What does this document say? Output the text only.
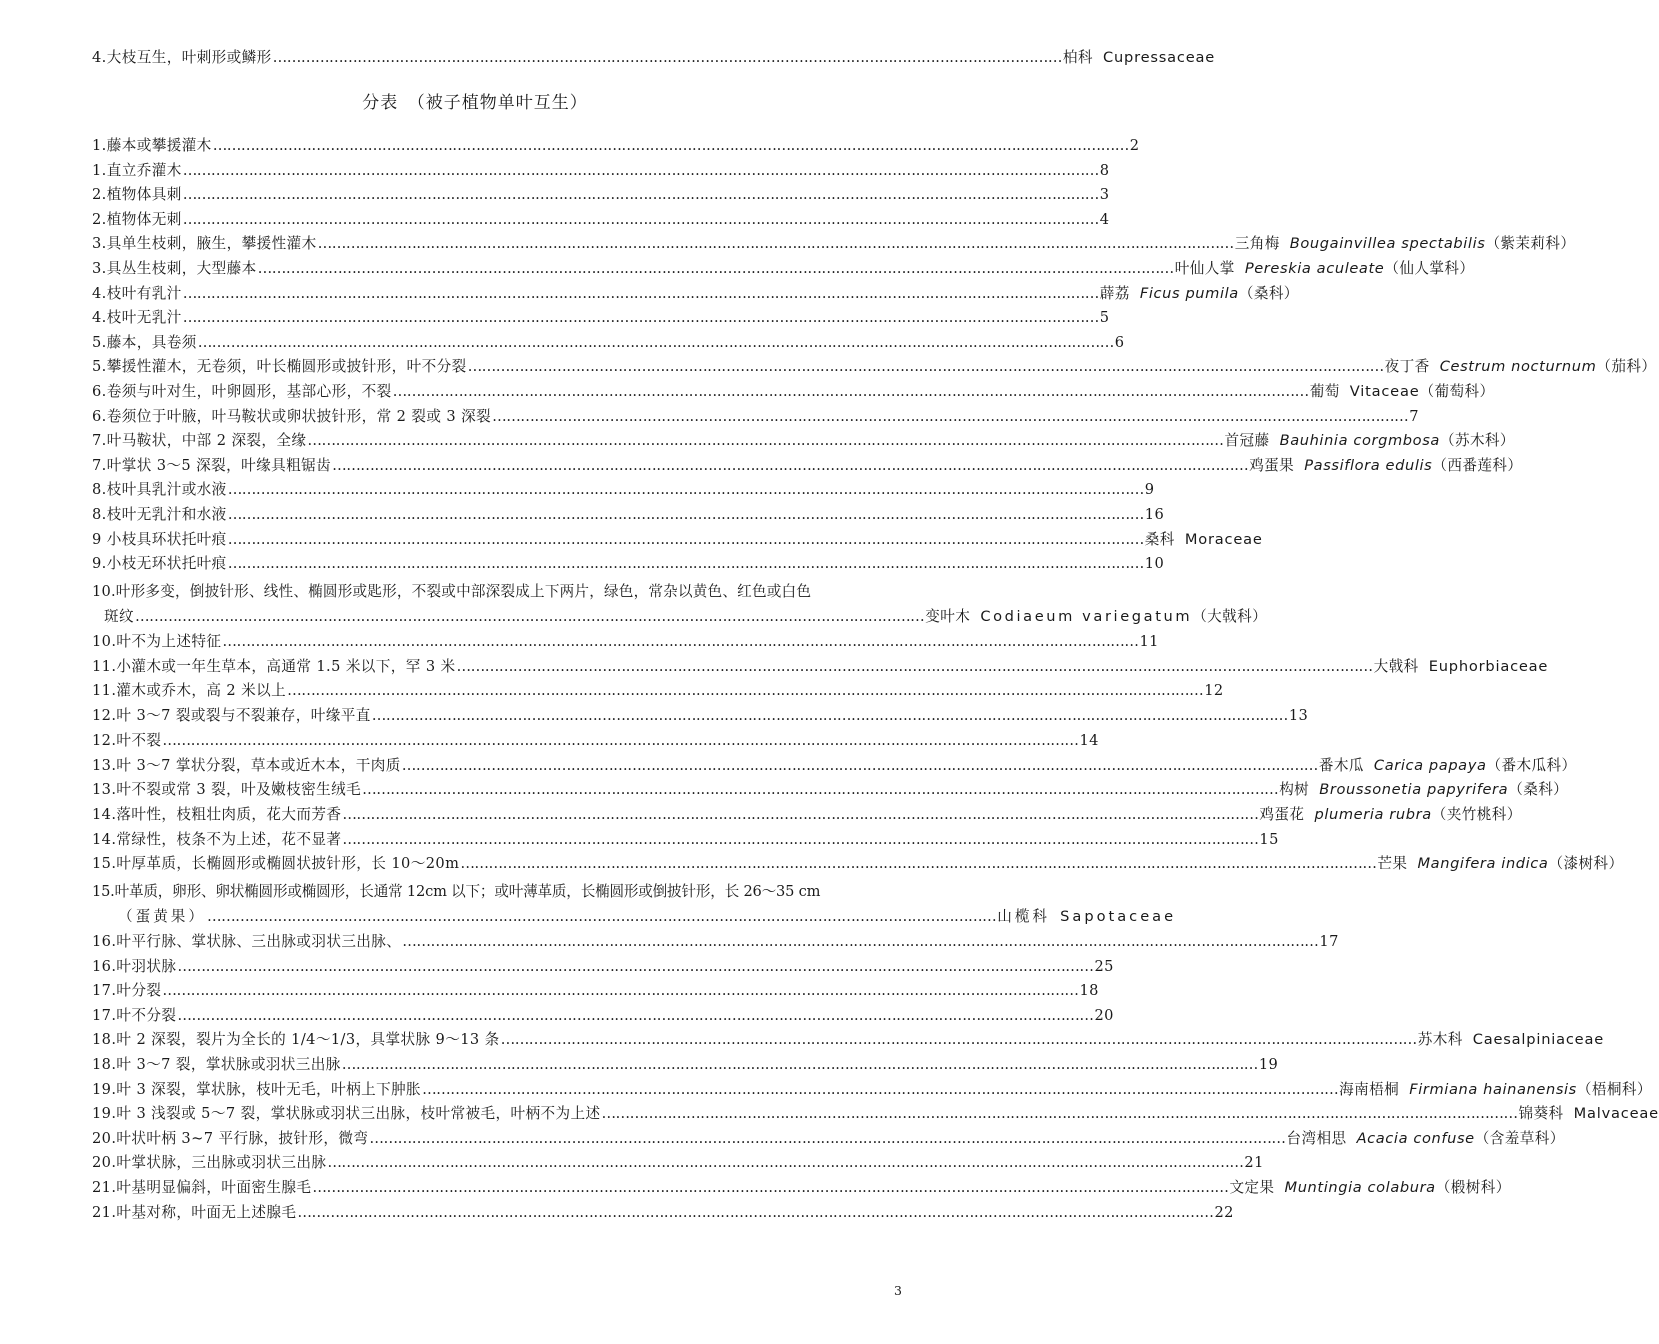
4.大枝互生，叶刺形或鳞形 …………………………………………………………………………………………………………………………………………………… 柏科 Cupressaceae
分表　（被子植物单叶互生）
1.藤本或攀援灌木 …………………………………………………………………………………………………………………………………………………………………………… 2
1.直立乔灌木 …………………………………………………………………………………………………………………………………………………………………………… 8
2.植物体具刺 …………………………………………………………………………………………………………………………………………………………………………… 3
2.植物体无刺 …………………………………………………………………………………………………………………………………………………………………………… 4
3.具单生枝刺，腋生，攀援性灌木 …………………………………………………………………………………………………………………………………………………………………………… 三角梅 Bougainvillea spectabilis（紫茉莉科）
3.具丛生枝刺，大型藤本 …………………………………………………………………………………………………………………………………………………………………………… 叶仙人掌 Pereskia aculeate（仙人掌科）
4.枝叶有乳汁 …………………………………………………………………………………………………………………………………………………………………………… 薜荔 Ficus pumila（桑科）
4.枝叶无乳汁 …………………………………………………………………………………………………………………………………………………………………………… 5
5.藤本，具卷须 …………………………………………………………………………………………………………………………………………………………………………… 6
5.攀援性灌木，无卷须，叶长椭圆形或披针形，叶不分裂 …………………………………………………………………………………………………………………………………………………………………………… 夜丁香 Cestrum nocturnum（茄科）
6.卷须与叶对生，叶卵圆形，基部心形，不裂 …………………………………………………………………………………………………………………………………………………………………………… 葡萄 Vitaceae（葡萄科）
6.卷须位于叶腋，叶马鞍状或卵状披针形，常 2 裂或 3 深裂 …………………………………………………………………………………………………………………………………………………………………………… 7
7.叶马鞍状，中部 2 深裂，全缘 …………………………………………………………………………………………………………………………………………………………………………… 首冠藤 Bauhinia corgmbosa（苏木科）
7.叶掌状 3～5 深裂，叶缘具粗锯齿 …………………………………………………………………………………………………………………………………………………………………………… 鸡蛋果 Passiflora edulis（西番莲科）
8.枝叶具乳汁或水液 …………………………………………………………………………………………………………………………………………………………………………… 9
8.枝叶无乳汁和水液 …………………………………………………………………………………………………………………………………………………………………………… 16
9 小枝具环状托叶痕 …………………………………………………………………………………………………………………………………………………………………………… 桑科 Moraceae
9.小枝无环状托叶痕 …………………………………………………………………………………………………………………………………………………………………………… 10
10.叶形多变，倒披针形、线性、椭圆形或匙形，不裂或中部深裂成上下两片，绿色，常杂以黄色、红色或白色
斑纹 …………………………………………………………………………………………………………………………………………………… 变叶木 Codiaeum variegatum（大戟科）
10.叶不为上述特征 …………………………………………………………………………………………………………………………………………………………………………… 11
11.小灌木或一年生草本，高通常 1.5 米以下，罕 3 米 …………………………………………………………………………………………………………………………………………………………………………… 大戟科 Euphorbiaceae
11.灌木或乔木，高 2 米以上 …………………………………………………………………………………………………………………………………………………………………………… 12
12.叶 3～7 裂或裂与不裂兼存，叶缘平直 …………………………………………………………………………………………………………………………………………………………………………… 13
12.叶不裂 …………………………………………………………………………………………………………………………………………………………………………… 14
13.叶 3～7 掌状分裂，草本或近木本，干肉质 …………………………………………………………………………………………………………………………………………………………………………… 番木瓜 Carica papaya（番木瓜科）
13.叶不裂或常 3 裂，叶及嫩枝密生绒毛 …………………………………………………………………………………………………………………………………………………………………………… 构树 Broussonetia papyrifera（桑科）
14.落叶性，枝粗壮肉质，花大而芳香 …………………………………………………………………………………………………………………………………………………………………………… 鸡蛋花 plumeria rubra（夹竹桃科）
14.常绿性，枝条不为上述，花不显著 …………………………………………………………………………………………………………………………………………………………………………… 15
15.叶厚革质，长椭圆形或椭圆状披针形，长 10～20m …………………………………………………………………………………………………………………………………………………………………………… 芒果 Mangifera indica（漆树科）
15.叶革质，卵形、卵状椭圆形或椭圆形，长通常 12cm 以下；或叶薄革质，长椭圆形或倒披针形，长 26～35 cm
（蛋黄果） …………………………………………………………………………………………………………………………………………………… 山榄科 Sapotaceae
16.叶平行脉、掌状脉、三出脉或羽状三出脉、 …………………………………………………………………………………………………………………………………………………………………………… 17
16.叶羽状脉 …………………………………………………………………………………………………………………………………………………………………………… 25
17.叶分裂 …………………………………………………………………………………………………………………………………………………………………………… 18
17.叶不分裂 …………………………………………………………………………………………………………………………………………………………………………… 20
18.叶 2 深裂，裂片为全长的 1/4～1/3，具掌状脉 9～13 条 …………………………………………………………………………………………………………………………………………………………………………… 苏木科 Caesalpiniaceae
18.叶 3～7 裂，掌状脉或羽状三出脉 …………………………………………………………………………………………………………………………………………………………………………… 19
19.叶 3 深裂，掌状脉，枝叶无毛，叶柄上下肿胀 …………………………………………………………………………………………………………………………………………………………………………… 海南梧桐 Firmiana hainanensis（梧桐科）
19.叶 3 浅裂或 5～7 裂，掌状脉或羽状三出脉，枝叶常被毛，叶柄不为上述 …………………………………………………………………………………………………………………………………………………………………………… 锦葵科 Malvaceae
20.叶状叶柄 3~7 平行脉，披针形，微弯 …………………………………………………………………………………………………………………………………………………………………………… 台湾相思 Acacia confuse（含羞草科）
20.叶掌状脉，三出脉或羽状三出脉 …………………………………………………………………………………………………………………………………………………………………………… 21
21.叶基明显偏斜，叶面密生腺毛 …………………………………………………………………………………………………………………………………………………………………………… 文定果 Muntingia colabura（椴树科）
21.叶基对称，叶面无上述腺毛 …………………………………………………………………………………………………………………………………………………………………………… 22
3
